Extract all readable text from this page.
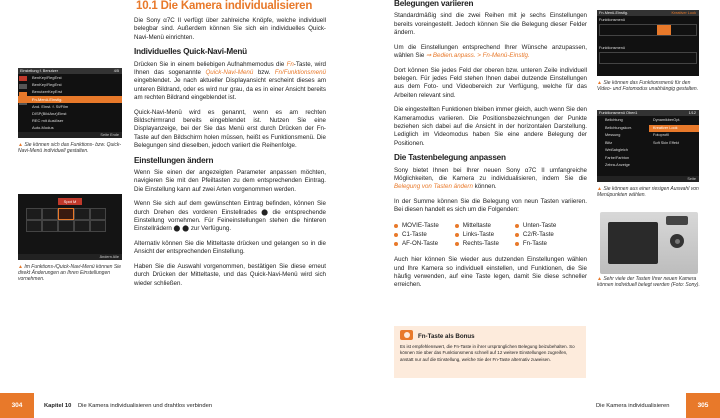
10.1 Die Kamera individualisieren
Einstellung f. Benutzer	4/5
BenKey/RegErst
BenKey/RegErst
BenutzerKeyErst
Fn-Menü-Einstlg.
And. Einst. f. St/Film
DISP(BildAnz)Einst
REC mit Auslöser
Auto-Modus
Seite Ende
▲ Sie können sich das Funktions- bzw. Quick-Navi-Menü individuell gestalten.
Spot M
Ändern Alle
▲ Im Funktions-/Quick-Navi-Menü können Sie direkt Änderungen an Ihren Einstellungen vornehmen.

Die Sony α7C II verfügt über zahlreiche Knöpfe, welche individuell belegbar sind. Außerdem können Sie sich ein individuelles Quick-Navi-Menü einrichten.

Individuelles Quick-Navi-Menü

Drücken Sie in einem beliebigen Aufnahmemodus die Fn-Taste, wird Ihnen das sogenannte Quick-Navi-Menü bzw. Fn/Funktionsmenü eingeblendet. Je nach aktueller Displayansicht erscheint dieses am unteren Bildrand, oder es wird nur grau, da es in einer Ansicht bereits am rechten Bildrand eingeblendet ist.

Quick-Navi-Menü wird es genannt, wenn es am rechten Bildschirmrand bereits eingeblendet ist. Nutzen Sie eine Displayanzeige, bei der Sie das Menü erst durch Drücken der Fn-Taste auf den Bildschirm holen müssen, heißt es Funktionsmenü. Die Belegungen sind dieselben, jedoch variiert die Reihenfolge.

Einstellungen ändern

Wenn Sie einen der angezeigten Parameter anpassen möchten, navigieren Sie mit den Pfeiltasten zu dem entsprechenden Eintrag. Die Einstellung kann auf zwei Arten vorgenommen werden.

Wenn Sie sich auf dem gewünschten Eintrag befinden, können Sie durch Drehen des vorderen Einstellrades ⬤ die entsprechende Einstellung vornehmen. Für Feineinstellungen stehen die hinteren Einstellrädern ⬤ ⬤ zur Verfügung.

Alternativ können Sie die Mitteltaste drücken und gelangen so in die Ansicht der entsprechenden Einstellung.

Haben Sie die Auswahl vorgenommen, bestätigen Sie diese erneut durch Drücken der Mitteltaste, und das Quick-Navi-Menü wird sich wieder schließen.

304	Kapitel 10 Die Kamera individualisieren und drahtlos verbinden
Belegungen variieren

Standardmäßig sind die zwei Reihen mit je sechs Einstellungen bereits voreingestellt. Jedoch können Sie die Belegung dieser Felder ändern.

Um die Einstellungen entsprechend Ihrer Wünsche anzupassen, wählen Sie ⇒ Bedien.anpass. > Fn-Menü-Einstlg.

Dort können Sie jedes Feld der oberen bzw. unteren Zeile individuell belegen. Für jedes Feld stehen Ihnen dabei dutzende Einstellungen aus dem Foto- und Videobereich zur Verfügung, welche für das Arbeiten relevant sind.

Die eingestellten Funktionen bleiben immer gleich, auch wenn Sie den Kameramodus variieren. Die Positionsbezeichnungen der Punkte beziehen sich dabei auf die Ansicht in der horizontalen Darstellung. Lediglich im Videomodus haben Sie eine andere Belegung der Positionen.

Die Tastenbelegung anpassen

Sony bietet Ihnen bei Ihrer neuen Sony α7C II umfangreiche Möglichkeiten, die Kamera zu individualisieren, indem Sie die Belegung von Tasten ändern können.

In der Summe können Sie die Belegung von neun Tasten variieren. Bei diesen handelt es sich um die Folgenden:

MOVIE-Taste
C1-Taste
AF-ON-Taste
Mitteltaste
Links-Taste
Rechts-Taste
Unten-Taste
C2/R-Taste
Fn-Taste

Auch hier können Sie wieder aus dutzenden Einstellungen wählen und Ihre Kamera so individuell einstellen, und Funktionen, die Sie häufig verwenden, auf eine Taste legen, damit Sie diese schneller erreichen.

Fn-Taste als Bonus
Es ist empfehlenswert, die Fn-Taste in ihrer ursprünglichen Belegung beizubehalten. So können Sie über das Funktionsmenü schnell auf 12 weitere Einstellungen zugreifen, anstatt nur auf die Einstellung, welche Sie der Fn-Taste alternativ zuweisen.
Fn-Menü-Einstlg.	Kreativer Look
Funktionsmenü
Funktionsmenü
▲ Sie können das Funktionsmenü für den Video- und Fotomodus unabhängig gestalten.
Funktionsmenü Oben1	1/12
Belichtung
Belichtungskorr.
Messung
Blitz
Weißabgleich
Farbe/Farbton
Zebra-Anzeige
DynamikberOpt.
Kreativer Look
Fotoprofil
Soft Skin Effekt
Seite
▲ Sie können aus einer riesigen Auswahl von Menüpunkten wählen.
▲ Sehr viele der Tasten Ihrer neuen Kamera können individuell belegt werden (Foto: Sony).
Die Kamera individualisieren	305
